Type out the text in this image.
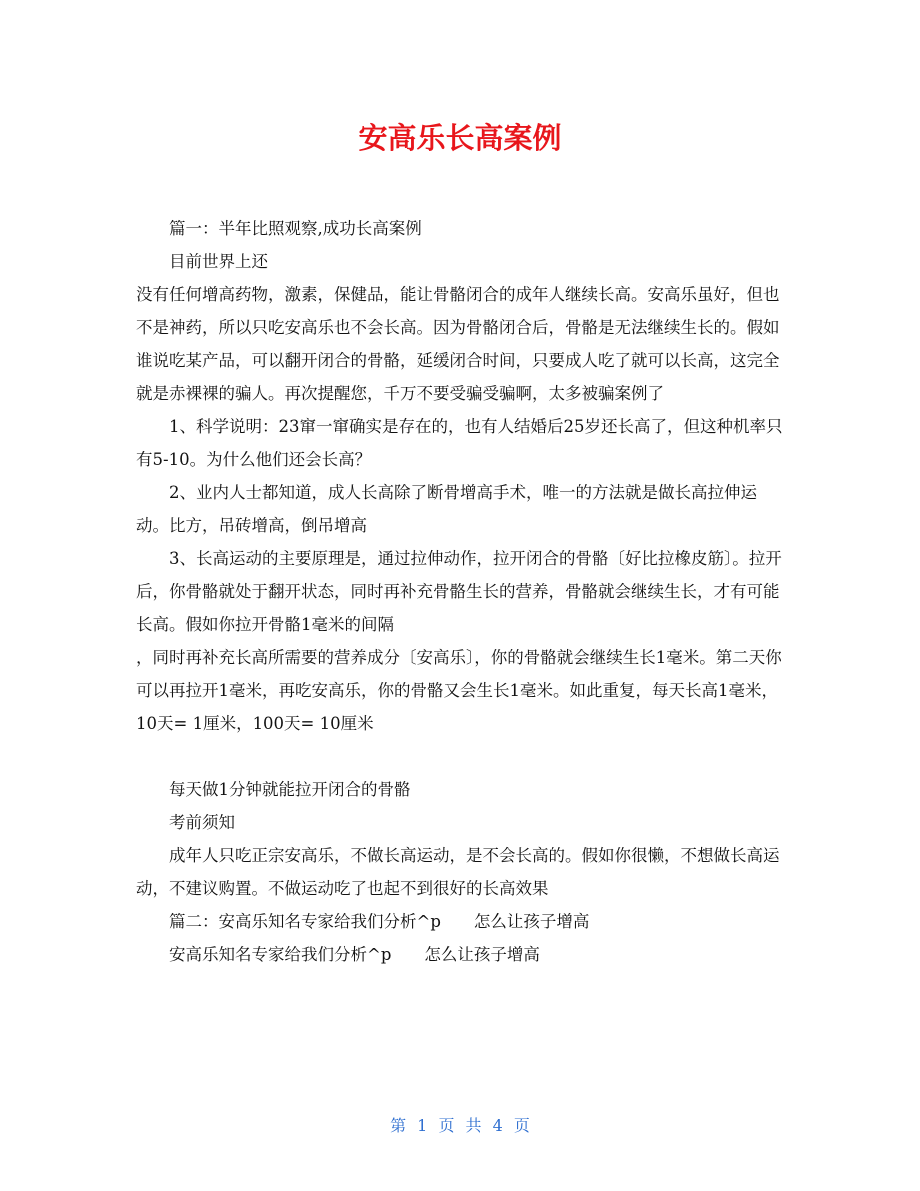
安高乐长高案例

篇一：半年比照观察,成功长高案例

目前世界上还

没有任何增高药物，激素，保健品，能让骨骼闭合的成年人继续长高。安高乐虽好，但也不是神药，所以只吃安高乐也不会长高。因为骨骼闭合后，骨骼是无法继续生长的。假如谁说吃某产品，可以翻开闭合的骨骼，延缓闭合时间，只要成人吃了就可以长高，这完全就是赤裸裸的骗人。再次提醒您，千万不要受骗受骗啊，太多被骗案例了

1、科学说明：23窜一窜确实是存在的，也有人结婚后25岁还长高了，但这种机率只有5-10。为什么他们还会长高？

2、业内人士都知道，成人长高除了断骨增高手术，唯一的方法就是做长高拉伸运动。比方，吊砖增高，倒吊增高

3、长高运动的主要原理是，通过拉伸动作，拉开闭合的骨骼〔好比拉橡皮筋〕。拉开后，你骨骼就处于翻开状态，同时再补充骨骼生长的营养，骨骼就会继续生长，才有可能长高。假如你拉开骨骼1毫米的间隔

，同时再补充长高所需要的营养成分〔安高乐〕，你的骨骼就会继续生长1毫米。第二天你可以再拉开1毫米，再吃安高乐，你的骨骼又会生长1毫米。如此重复，每天长高1毫米，10天= 1厘米，100天= 10厘米

每天做1分钟就能拉开闭合的骨骼

考前须知

成年人只吃正宗安高乐，不做长高运动，是不会长高的。假如你很懒，不想做长高运动，不建议购置。不做运动吃了也起不到很好的长高效果

篇二：安高乐知名专家给我们分析^p　　怎么让孩子增高

安高乐知名专家给我们分析^p　　怎么让孩子增高

第 1 页 共 4 页
